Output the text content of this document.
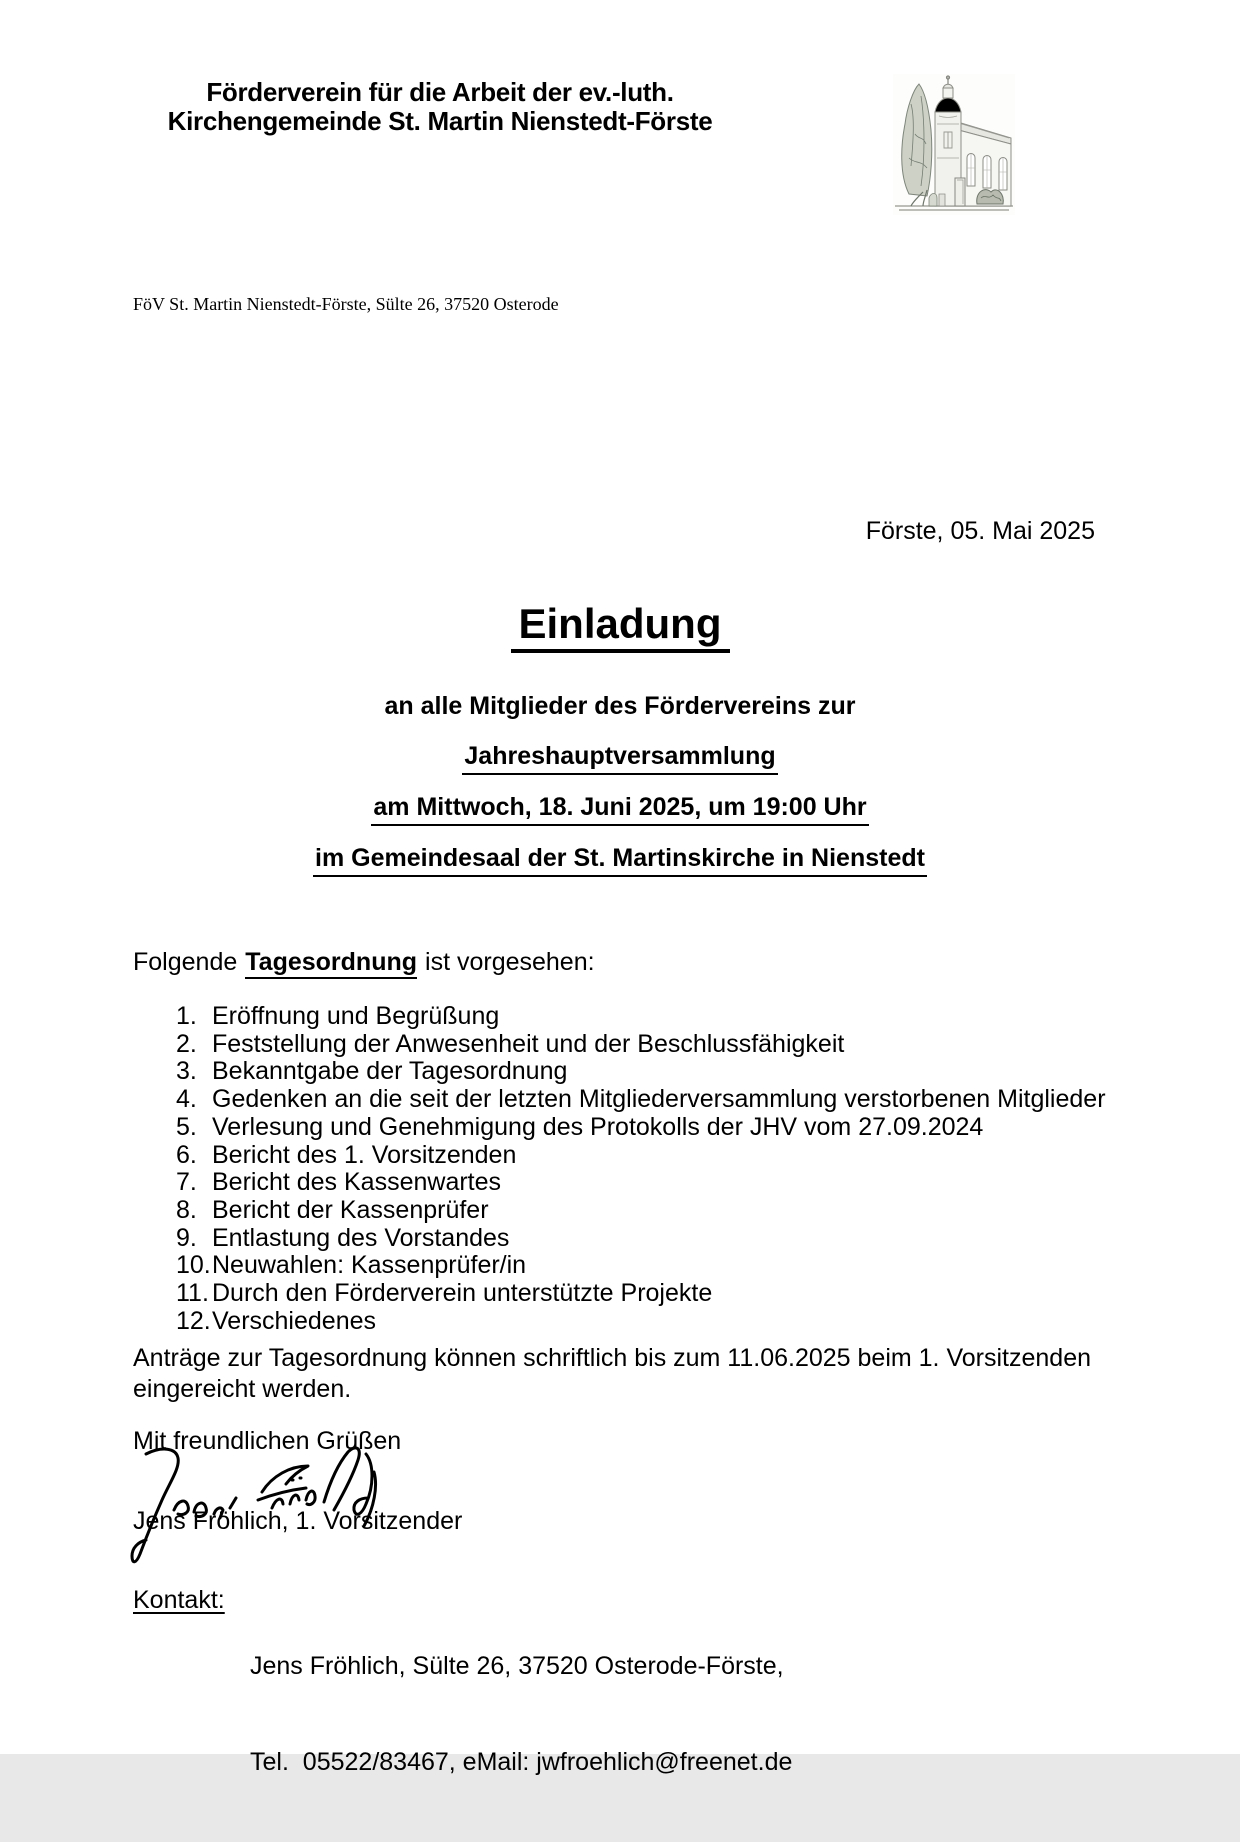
Förderverein für die Arbeit der ev.-luth.
Kirchengemeinde St. Martin Nienstedt-Förste
FöV St. Martin Nienstedt-Förste, Sülte 26, 37520 Osterode
Förste, 05. Mai 2025
Einladung
an alle Mitglieder des Fördervereins zur
Jahreshauptversammlung
am Mittwoch, 18. Juni 2025, um 19:00 Uhr
im Gemeindesaal der St. Martinskirche in Nienstedt
Folgende Tagesordnung ist vorgesehen:
1. Eröffnung und Begrüßung
2. Feststellung der Anwesenheit und der Beschlussfähigkeit
3. Bekanntgabe der Tagesordnung
4. Gedenken an die seit der letzten Mitgliederversammlung verstorbenen Mitglieder
5. Verlesung und Genehmigung des Protokolls der JHV vom 27.09.2024
6. Bericht des 1. Vorsitzenden
7. Bericht des Kassenwartes
8. Bericht der Kassenprüfer
9. Entlastung des Vorstandes
10. Neuwahlen: Kassenprüfer/in
11. Durch den Förderverein unterstützte Projekte
12. Verschiedenes
Anträge zur Tagesordnung können schriftlich bis zum 11.06.2025 beim 1. Vorsitzenden
eingereicht werden.
Mit freundlichen Grüßen
Jens Fröhlich, 1. Vorsitzender
Kontakt:

Jens Fröhlich, Sülte 26, 37520 Osterode-Förste,

Tel.  05522/83467, eMail: jwfroehlich@freenet.de
